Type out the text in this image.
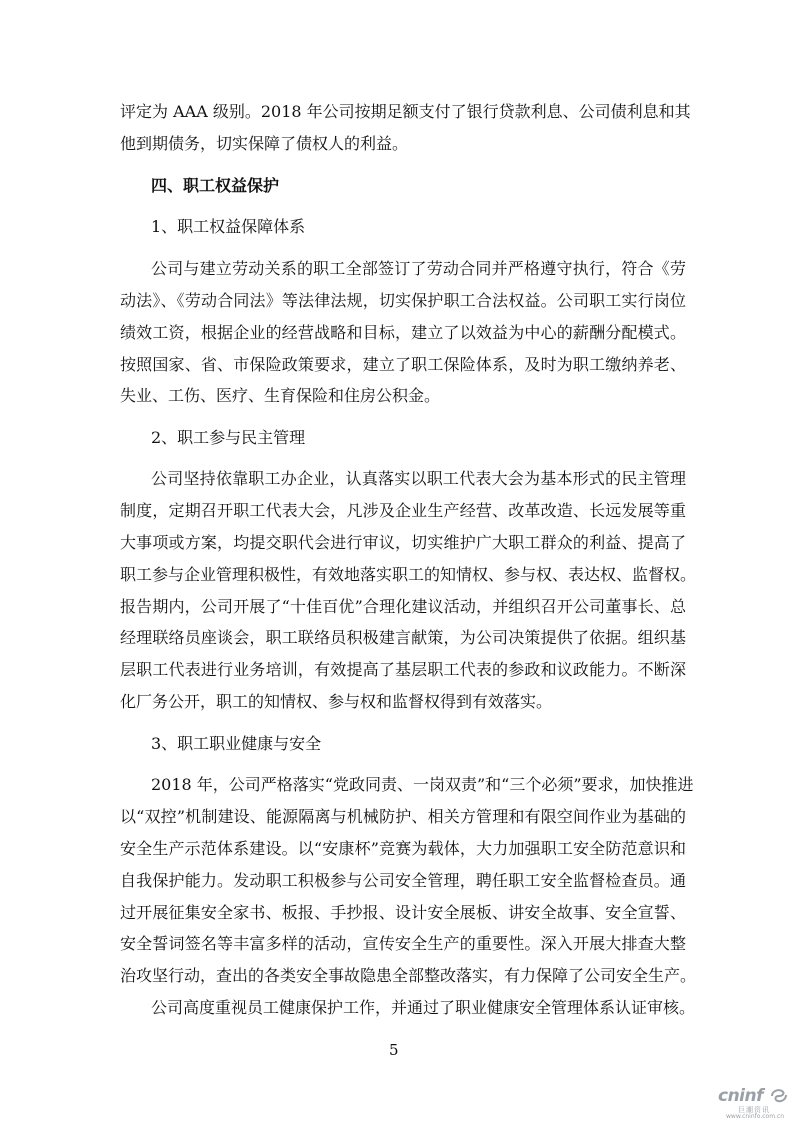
评定为 AAA 级别。2018 年公司按期足额支付了银行贷款利息、公司债利息和其
他到期债务，切实保障了债权人的利益。
四、职工权益保护
1、职工权益保障体系
公司与建立劳动关系的职工全部签订了劳动合同并严格遵守执行，符合《劳
动法》、《劳动合同法》等法律法规，切实保护职工合法权益。公司职工实行岗位
绩效工资，根据企业的经营战略和目标，建立了以效益为中心的薪酬分配模式。
按照国家、省、市保险政策要求，建立了职工保险体系，及时为职工缴纳养老、
失业、工伤、医疗、生育保险和住房公积金。
2、职工参与民主管理
公司坚持依靠职工办企业，认真落实以职工代表大会为基本形式的民主管理
制度，定期召开职工代表大会，凡涉及企业生产经营、改革改造、长远发展等重
大事项或方案，均提交职代会进行审议，切实维护广大职工群众的利益、提高了
职工参与企业管理积极性，有效地落实职工的知情权、参与权、表达权、监督权。
报告期内，公司开展了“十佳百优”合理化建议活动，并组织召开公司董事长、总
经理联络员座谈会，职工联络员积极建言献策，为公司决策提供了依据。组织基
层职工代表进行业务培训，有效提高了基层职工代表的参政和议政能力。不断深
化厂务公开，职工的知情权、参与权和监督权得到有效落实。
3、职工职业健康与安全
2018 年，公司严格落实“党政同责、一岗双责”和“三个必须”要求，加快推进
以“双控”机制建设、能源隔离与机械防护、相关方管理和有限空间作业为基础的
安全生产示范体系建设。以“安康杯”竞赛为载体，大力加强职工安全防范意识和
自我保护能力。发动职工积极参与公司安全管理，聘任职工安全监督检查员。通
过开展征集安全家书、板报、手抄报、设计安全展板、讲安全故事、安全宣誓、
安全誓词签名等丰富多样的活动，宣传安全生产的重要性。深入开展大排查大整
治攻坚行动，查出的各类安全事故隐患全部整改落实，有力保障了公司安全生产。
公司高度重视员工健康保护工作，并通过了职业健康安全管理体系认证审核。
5
cninf
巨潮资讯
www.cninfo.com.cn
